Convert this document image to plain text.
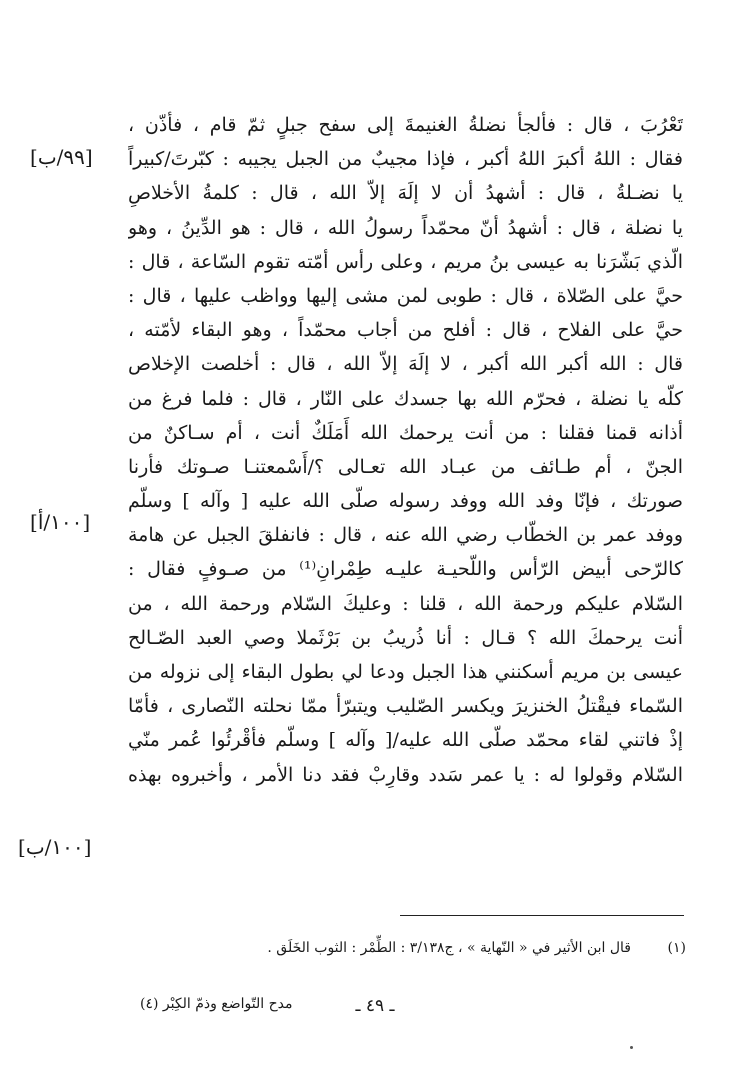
تَعْرُبَ ، قال : فألجأ نضلةُ الغنيمةَ إلى سفح جبلٍ ثمّ قام ، فأذّن ،
فقال : اللهُ أكبرَ اللهُ أكبر ، فإذا مجيبٌ من الجبل يجيبه : كبّرتَ/كبيراً
يا نضـلةُ ، قال : أشهدُ أن لا إلَهَ إلاّ الله ، قال : كلمةُ الأخلاصِ
يا نضلة ، قال : أشهدُ أنّ محمّداً رسولُ الله ، قال : هو الدِّينُ ، وهو
الّذي بَشّرَنا به عيسى بنُ مريم ، وعلى رأس أمّته تقوم السّاعة ، قال :
حيَّ على الصّلاة ، قال : طوبى لمن مشى إليها وواظب عليها ، قال :
حيَّ على الفلاح ، قال : أفلح من أجاب محمّداً ، وهو البقاء لأمّته ،
قال : الله أكبر الله أكبر ، لا إلَهَ إلاّ الله ، قال : أخلصت الإخلاص
كلّه يا نضلة ، فحرّم الله بها جسدك على النّار ، قال : فلما فرغ من
أذانه قمنا فقلنا : من أنت يرحمك الله أَمَلَكٌ أنت ، أم سـاكنٌ من
الجنّ ، أم طـائف من عبـاد الله تعـالى ؟/أَسْمعتنـا صـوتك فأرنا
صورتك ، فإنّا وفد الله ووفد رسوله صلّى الله عليه [ وآله ] وسلّم
ووفد عمر بن الخطّاب رضي الله عنه ، قال : فانفلقَ الجبل عن هامة
كالرّحى أبيض الرّأس واللّحيـة عليـه طِمْرانِ⁽¹⁾ من صـوفٍ فقال :
السّلام عليكم ورحمة الله ، قلنا : وعليكَ السّلام ورحمة الله ، من
أنت يرحمكَ الله ؟ قـال : أنا ذُريبُ بن بَرْثَملا وصي العبد الصّـالح
عيسى بن مريم أسكنني هذا الجبل ودعا لي بطول البقاء إلى نزوله من
السّماء فيقْتلُ الخنزيرَ ويكسر الصّليب ويتبرّأ ممّا نحلته النّصارى ، فأمّا
إذْ فاتني لقاء محمّد صلّى الله عليه/[ وآله ] وسلّم فأقْرئُوا عُمر منّي
السّلام وقولوا له : يا عمر سَدد وقارِبْ فقد دنا الأمر ، وأخبروه بهذه
[٩٩/ب]
[١٠٠/أ]
[١٠٠/ب]
(١)قال ابن الأثير في « النّهاية » ، ج٣/١٣٨ : الطِّمْر : الثوب الخَلَق .
ـ ٤٩ ـ
مدح التّواضع وذمّ الكِبْر (٤)
